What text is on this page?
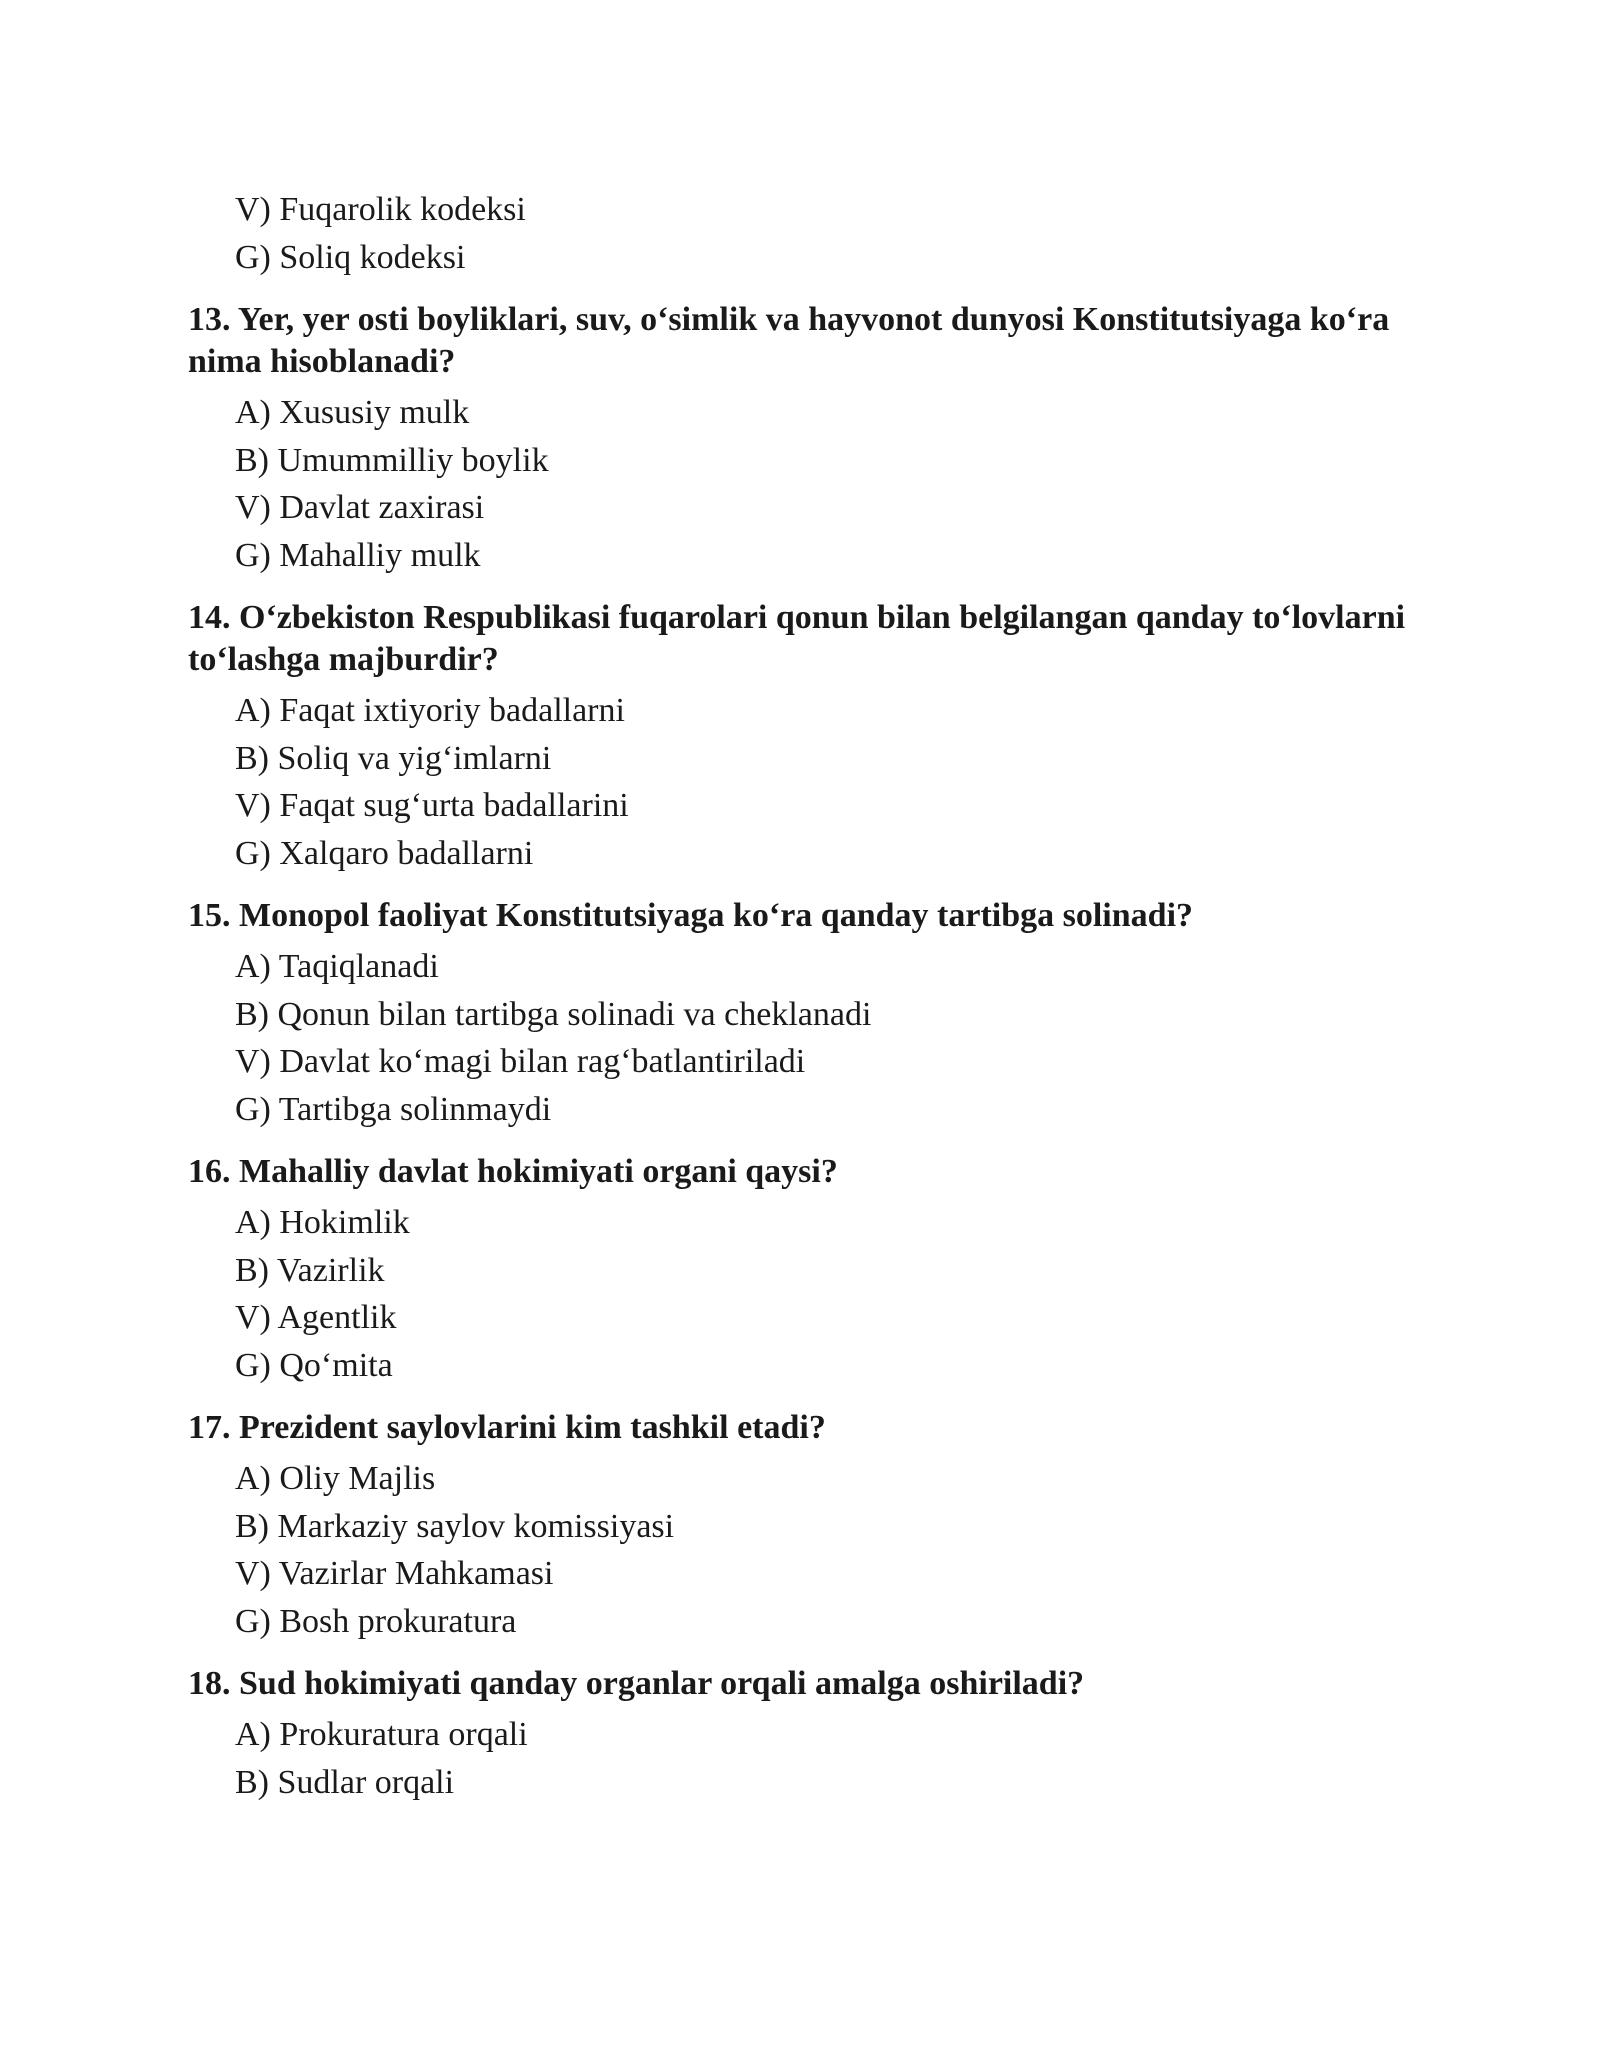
V) Fuqarolik kodeksi
G) Soliq kodeksi
13. Yer, yer osti boyliklari, suv, o‘simlik va hayvonot dunyosi Konstitutsiyaga ko‘ra nima hisoblanadi?
A) Xususiy mulk
B) Umummilliy boylik
V) Davlat zaxirasi
G) Mahalliy mulk
14. O‘zbekiston Respublikasi fuqarolari qonun bilan belgilangan qanday to‘lovlarni to‘lashga majburdir?
A) Faqat ixtiyoriy badallarni
B) Soliq va yig‘imlarni
V) Faqat sug‘urta badallarini
G) Xalqaro badallarni
15. Monopol faoliyat Konstitutsiyaga ko‘ra qanday tartibga solinadi?
A) Taqiqlanadi
B) Qonun bilan tartibga solinadi va cheklanadi
V) Davlat ko‘magi bilan rag‘batlantiriladi
G) Tartibga solinmaydi
16. Mahalliy davlat hokimiyati organi qaysi?
A) Hokimlik
B) Vazirlik
V) Agentlik
G) Qo‘mita
17. Prezident saylovlarini kim tashkil etadi?
A) Oliy Majlis
B) Markaziy saylov komissiyasi
V) Vazirlar Mahkamasi
G) Bosh prokuratura
18. Sud hokimiyati qanday organlar orqali amalga oshiriladi?
A) Prokuratura orqali
B) Sudlar orqali
